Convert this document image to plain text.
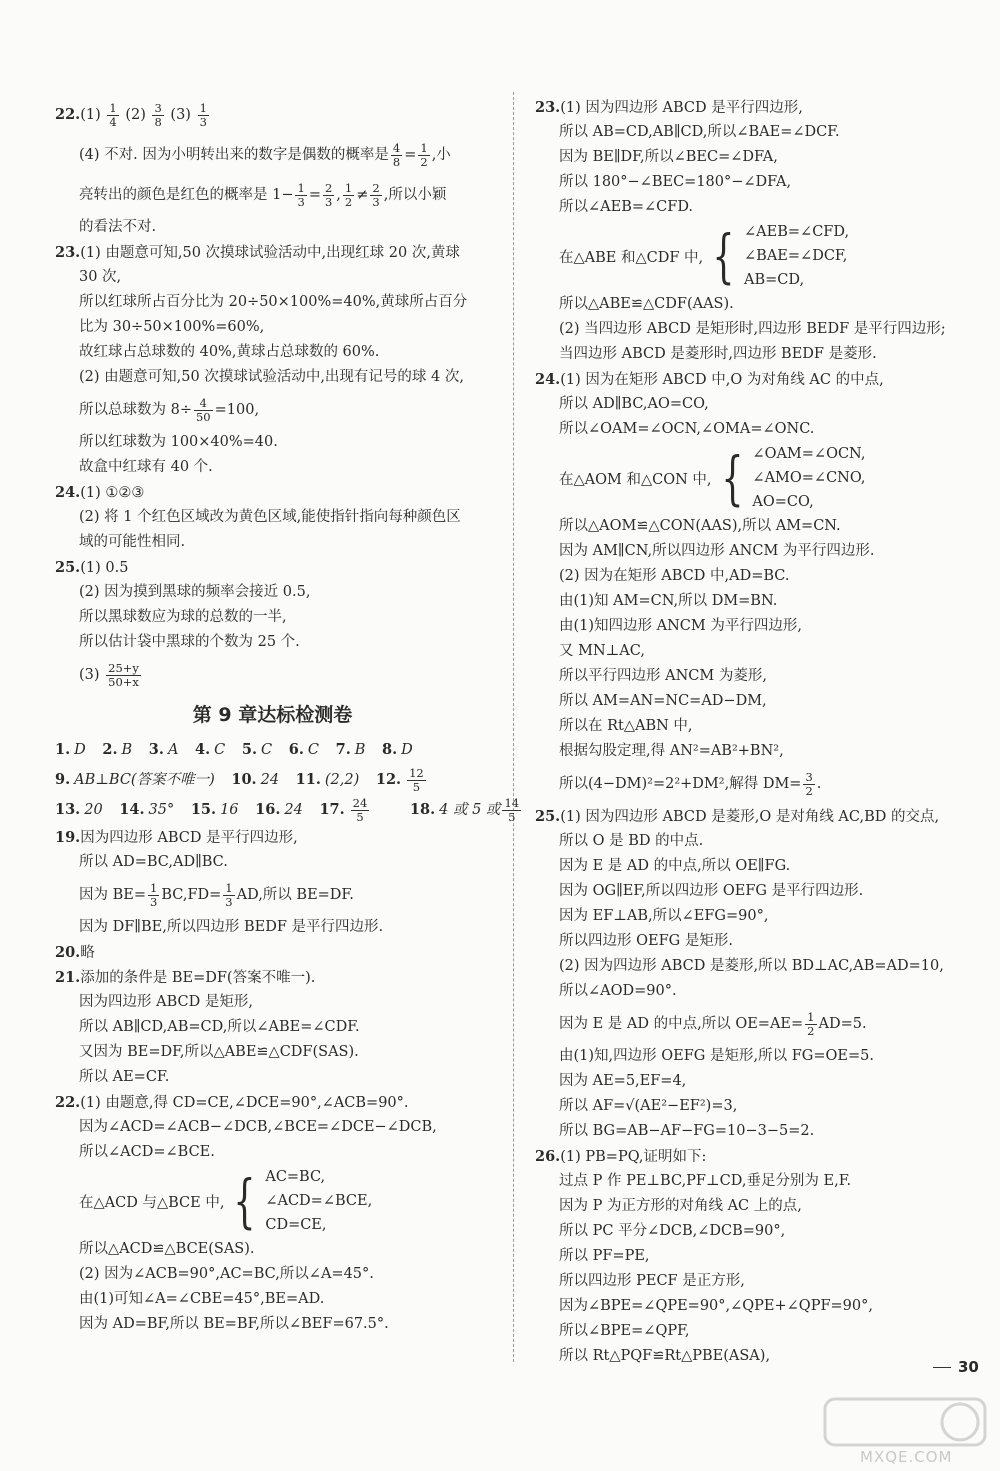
$22.(1) \frac{1}{4} (2) \frac{3}{8} (3) \frac{1}{3}$
(4) 不对. 因为小明转出来的数字是偶数的概率是 $\frac{4}{8} = \frac{1}{2}$ ,小
亮转出的颜色是红色的概率是 $1- \frac{1}{3} = \frac{2}{3}$ , $\frac{1}{2} \ne \frac{2}{3}$ ,所以小颖
的看法不对.
23.(1) 由题意可知,50 次摸球试验活动中,出现红球 20 次,黄球
30 次,
所以红球所占百分比为 20÷50×100%=40%,黄球所占百分
比为 30÷50×100%=60%,
故红球占总球数的 40%,黄球占总球数的 60%.
(2) 由题意可知,50 次摸球试验活动中,出现有记号的球 4 次,
所以总球数为 $8\div \frac{4}{50} =100$,
所以红球数为 100×40%=40.
故盒中红球有 40 个.
24.(1) ①②③
(2) 将 1 个红色区域改为黄色区域,能使指针指向每种颜色区
域的可能性相同.
25.(1) 0.5
(2) 因为摸到黑球的频率会接近 0.5,
所以黑球数应为球的总数的一半,
所以估计袋中黑球的个数为 25 个.
$(3) \frac{25+y}{50+x}$
第 9 章达标检测卷
1. D 2. B 3. A 4. C 5. C 6. C 7. B 8. D
9. AB⊥BC(答案不唯一) 10. 24 11. (2,2) 12. $\frac{12}{5}$
13. 20 14. 35° 15. 16 16. 24 17. $\frac{24}{5} 18$. 4 或 5 或 $\frac{14}{5}$
19.因为四边形 ABCD 是平行四边形,
所以 AD=BC,AD∥BC.
因为 $BE= \frac{1}{3} BC,FD= \frac{1}{3}$ AD,所以 BE=DF.
因为 DF∥BE,所以四边形 BEDF 是平行四边形.
20.略
21.添加的条件是 BE=DF(答案不唯一).
因为四边形 ABCD 是矩形,
所以 AB∥CD,AB=CD,所以∠ABE=∠CDF.
又因为 BE=DF,所以△ABE≌△CDF(SAS).
所以 AE=CF.
22.(1) 由题意,得 CD=CE,∠DCE=90°,∠ACB=90°.
因为∠ACD=∠ACB−∠DCB,∠BCE=∠DCE−∠DCB,
所以∠ACD=∠BCE.
在△ACD 与△BCE 中, { AC=BC,
∠ACD=∠BCE,
CD=CE,
所以△ACD≌△BCE(SAS).
(2) 因为∠ACB=90°,AC=BC,所以∠A=45°.
由(1)可知∠A=∠CBE=45°,BE=AD.
因为 AD=BF,所以 BE=BF,所以∠BEF=67.5°.
23.(1) 因为四边形 ABCD 是平行四边形,
所以 AB=CD,AB∥CD,所以∠BAE=∠DCF.
因为 BE∥DF,所以∠BEC=∠DFA,
所以 180°−∠BEC=180°−∠DFA,
所以∠AEB=∠CFD.
在△ABE 和△CDF 中, { ∠AEB=∠CFD,
∠BAE=∠DCF,
AB=CD,
所以△ABE≌△CDF(AAS).
(2) 当四边形 ABCD 是矩形时,四边形 BEDF 是平行四边形;
当四边形 ABCD 是菱形时,四边形 BEDF 是菱形.
24.(1) 因为在矩形 ABCD 中,O 为对角线 AC 的中点,
所以 AD∥BC,AO=CO,
所以∠OAM=∠OCN,∠OMA=∠ONC.
在△AOM 和△CON 中, { ∠OAM=∠OCN,
∠AMO=∠CNO,
AO=CO,
所以△AOM≌△CON(AAS),所以 AM=CN.
因为 AM∥CN,所以四边形 ANCM 为平行四边形.
(2) 因为在矩形 ABCD 中,AD=BC.
由(1)知 AM=CN,所以 DM=BN.
由(1)知四边形 ANCM 为平行四边形,
又 MN⊥AC,
所以平行四边形 ANCM 为菱形,
所以 AM=AN=NC=AD−DM,
所以在 Rt△ABN 中,
根据勾股定理,得 AN²=AB²+BN²,
所以(4−DM)²=2²+DM²,解得 $DM= \frac{3}{2}$ .
25.(1) 因为四边形 ABCD 是菱形,O 是对角线 AC,BD 的交点,
所以 O 是 BD 的中点.
因为 E 是 AD 的中点,所以 OE∥FG.
因为 OG∥EF,所以四边形 OEFG 是平行四边形.
因为 EF⊥AB,所以∠EFG=90°,
所以四边形 OEFG 是矩形.
(2) 因为四边形 ABCD 是菱形,所以 BD⊥AC,AB=AD=10,
所以∠AOD=90°.
因为 E 是 AD 的中点,所以 $OE=AE= \frac{1}{2} AD=5$.
由(1)知,四边形 OEFG 是矩形,所以 FG=OE=5.
因为 AE=5,EF=4,
所以 AF=√(AE²−EF²)=3,
所以 BG=AB−AF−FG=10−3−5=2.
26.(1) PB=PQ,证明如下:
过点 P 作 PE⊥BC,PF⊥CD,垂足分别为 E,F.
因为 P 为正方形的对角线 AC 上的点,
所以 PC 平分∠DCB,∠DCB=90°,
所以 PF=PE,
所以四边形 PECF 是正方形,
因为∠BPE=∠QPE=90°,∠QPE+∠QPF=90°,
所以∠BPE=∠QPF,
所以 Rt△PQF≌Rt△PBE(ASA),
30
MXQE.COM
